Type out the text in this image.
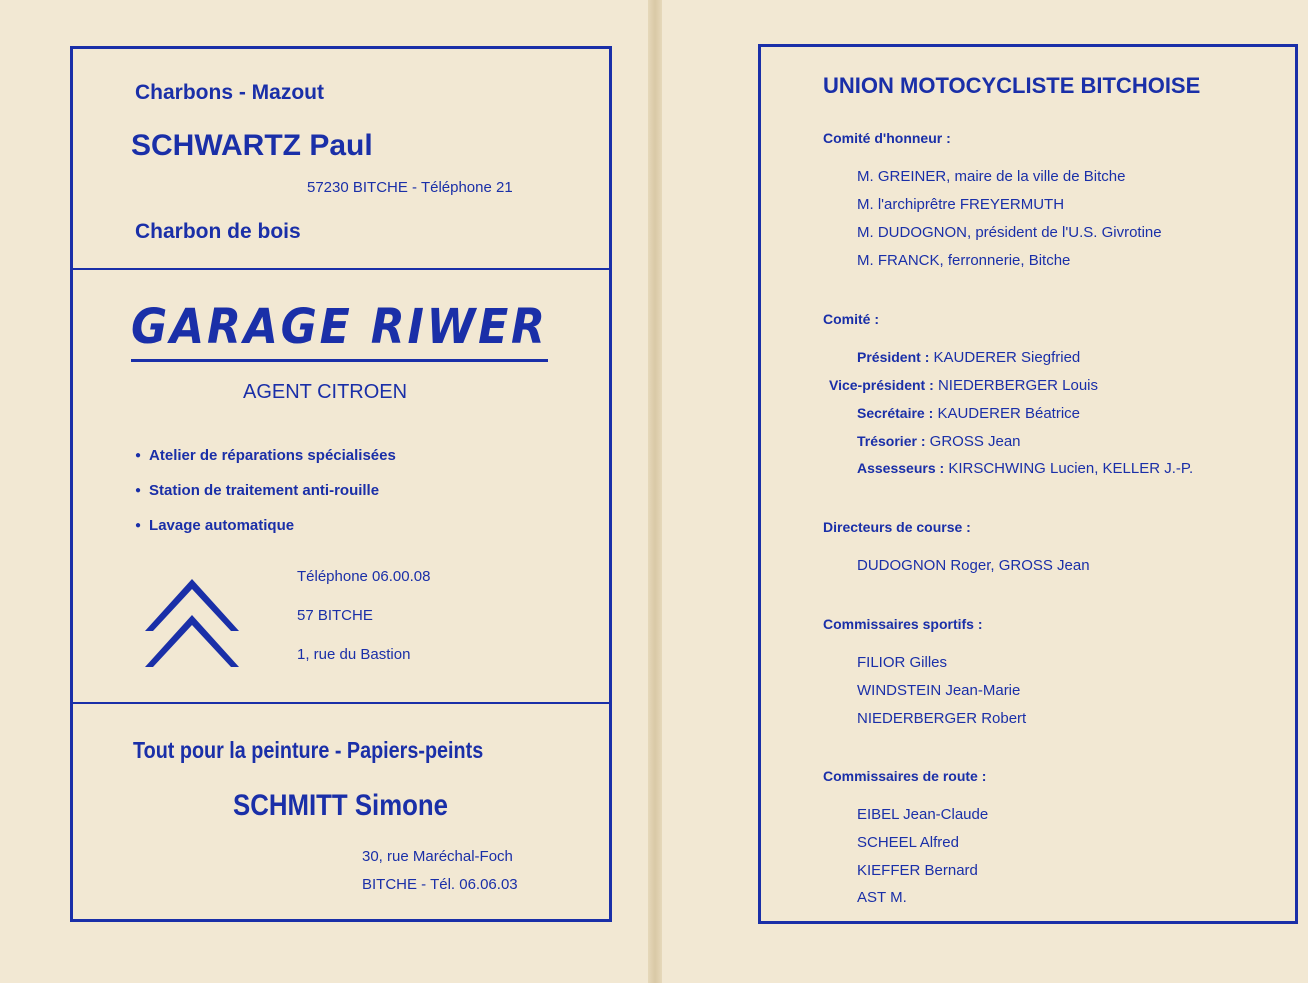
Charbons - Mazout
SCHWARTZ Paul
57230 BITCHE - Téléphone 21
Charbon de bois
GARAGE RIWER
AGENT CITROEN
● Atelier de réparations spécialisées
● Station de traitement anti-rouille
● Lavage automatique
Téléphone 06.00.08
57 BITCHE
1, rue du Bastion
Tout pour la peinture - Papiers-peints
SCHMITT Simone
30, rue Maréchal-Foch
BITCHE - Tél. 06.06.03
UNION MOTOCYCLISTE BITCHOISE
Comité d'honneur :
M. GREINER, maire de la ville de Bitche
M. l'archiprêtre FREYERMUTH
M. DUDOGNON, président de l'U.S. Givrotine
M. FRANCK, ferronnerie, Bitche
Comité :
Président : KAUDERER Siegfried
Vice-président : NIEDERBERGER Louis
Secrétaire : KAUDERER Béatrice
Trésorier : GROSS Jean
Assesseurs : KIRSCHWING Lucien, KELLER J.-P.
Directeurs de course :
DUDOGNON Roger, GROSS Jean
Commissaires sportifs :
FILIOR Gilles
WINDSTEIN Jean-Marie
NIEDERBERGER Robert
Commissaires de route :
EIBEL Jean-Claude
SCHEEL Alfred
KIEFFER Bernard
AST M.
